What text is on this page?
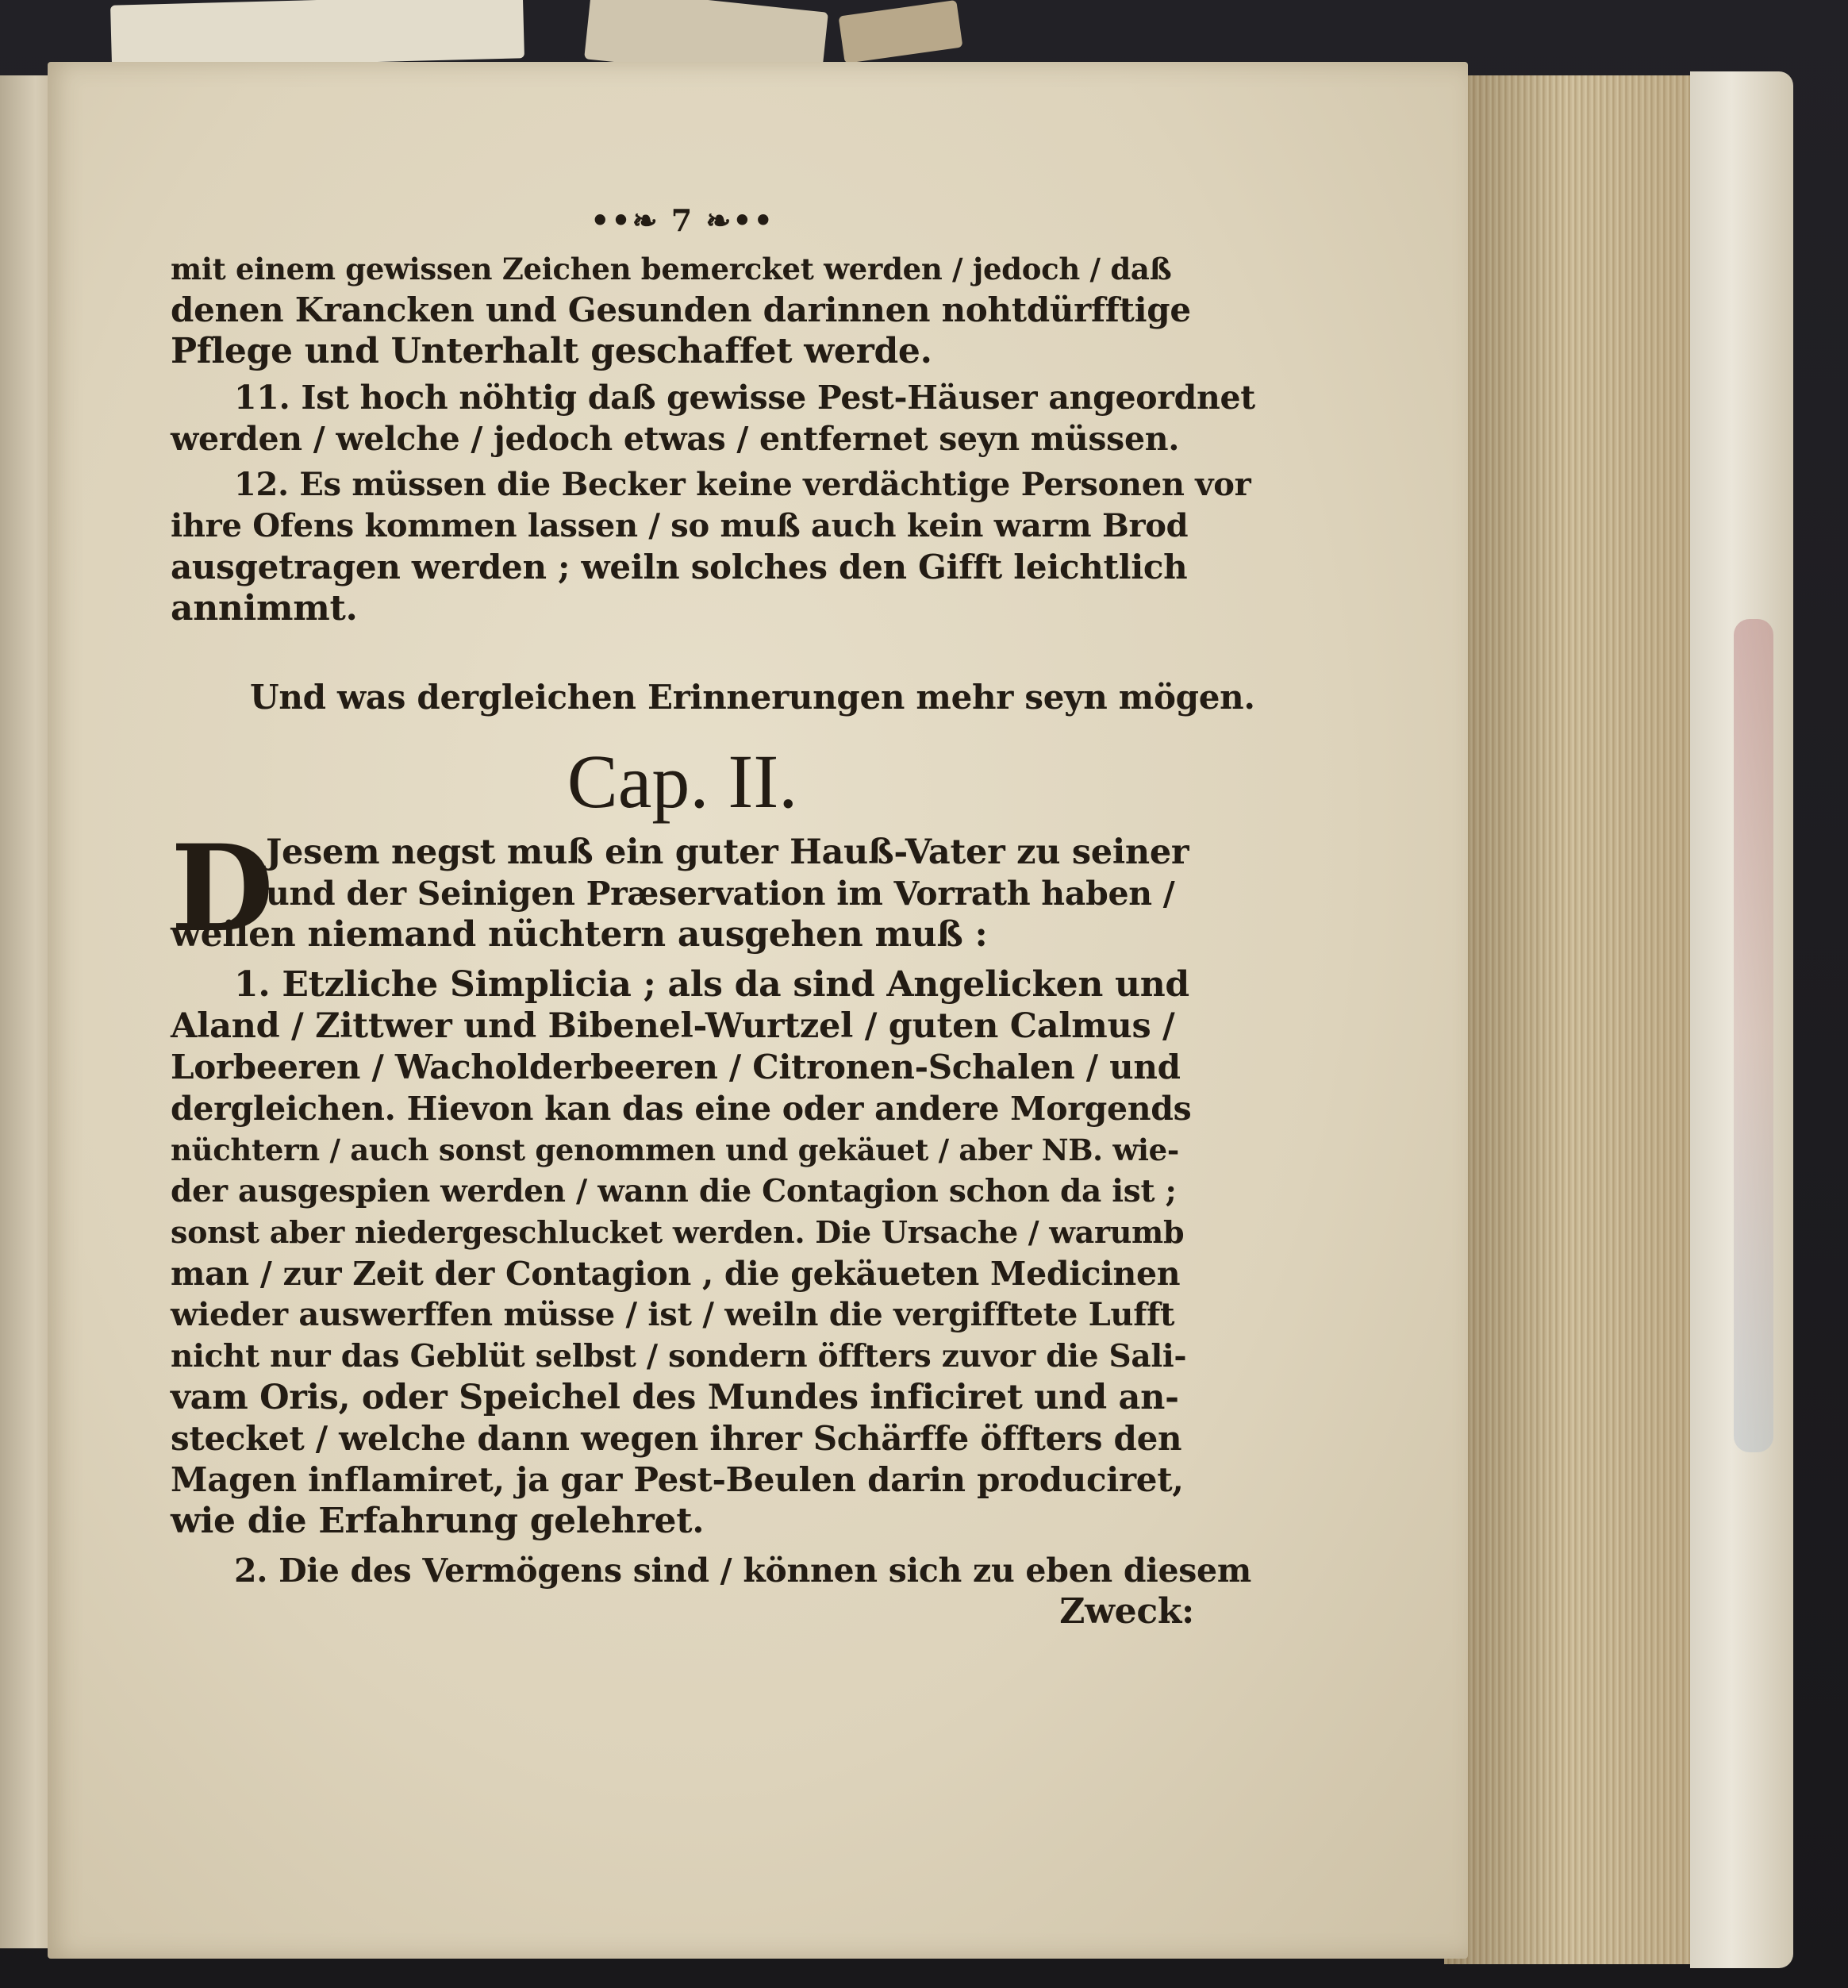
••❧ 7 ❧••
mit einem gewissen Zeichen bemercket werden / jedoch / daß
denen Krancken und Gesunden darinnen nohtdürfftige
Pflege und Unterhalt geschaffet werde.
11. Ist hoch nöhtig daß gewisse Pest-Häuser angeordnet
werden / welche / jedoch etwas / entfernet seyn müssen.
12. Es müssen die Becker keine verdächtige Personen vor
ihre Ofens kommen lassen / so muß auch kein warm Brod
ausgetragen werden ; weiln solches den Gifft leichtlich
annimmt.
Und was dergleichen Erinnerungen mehr seyn mögen.
Cap. II.
D
Jesem negst muß ein guter Hauß-Vater zu seiner
und der Seinigen Præservation im Vorrath haben /
weilen niemand nüchtern ausgehen muß :
1. Etzliche Simplicia ; als da sind Angelicken und
Aland / Zittwer und Bibenel-Wurtzel / guten Calmus /
Lorbeeren / Wacholderbeeren / Citronen-Schalen / und
dergleichen. Hievon kan das eine oder andere Morgends
nüchtern / auch sonst genommen und gekäuet / aber NB. wie-
der ausgespien werden / wann die Contagion schon da ist ;
sonst aber niedergeschlucket werden. Die Ursache / warumb
man / zur Zeit der Contagion , die gekäueten Medicinen
wieder auswerffen müsse / ist / weiln die vergifftete Lufft
nicht nur das Geblüt selbst / sondern öffters zuvor die Sali-
vam Oris, oder Speichel des Mundes inficiret und an-
stecket / welche dann wegen ihrer Schärffe öffters den
Magen inflamiret, ja gar Pest-Beulen darin produciret,
wie die Erfahrung gelehret.
2. Die des Vermögens sind / können sich zu eben diesem
Zweck:
